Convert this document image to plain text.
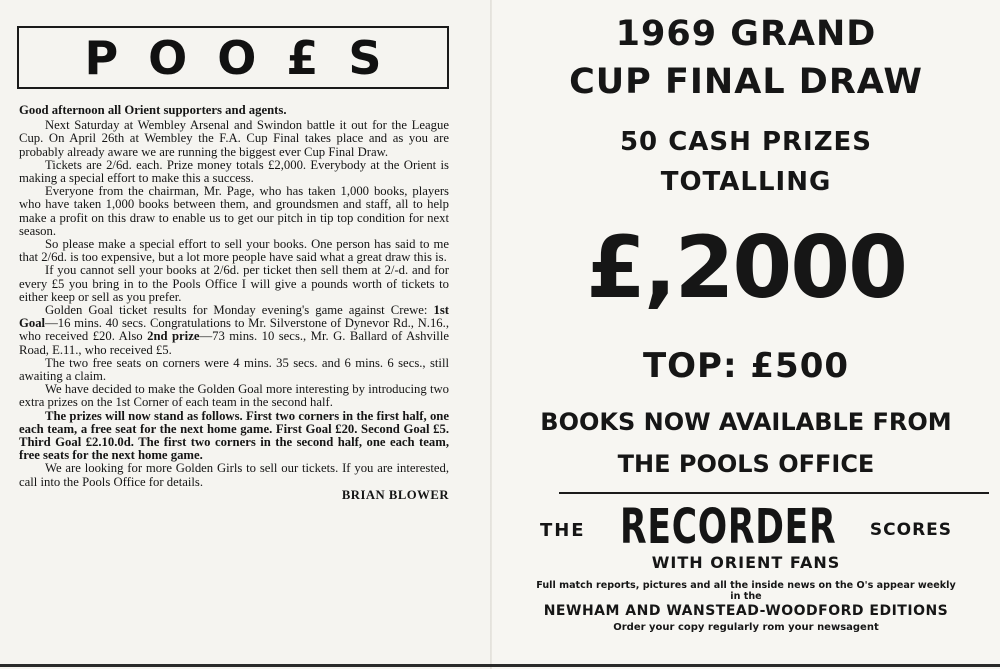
POO£S

Good afternoon all Orient supporters and agents.

Next Saturday at Wembley Arsenal and Swindon battle it out for the League Cup. On April 26th at Wembley the F.A. Cup Final takes place and as you are probably already aware we are running the biggest ever Cup Final Draw.

Tickets are 2/6d. each. Prize money totals £2,000. Everybody at the Orient is making a special effort to make this a success.

Everyone from the chairman, Mr. Page, who has taken 1,000 books, players who have taken 1,000 books between them, and groundsmen and staff, all to help make a profit on this draw to enable us to get our pitch in tip top condition for next season.

So please make a special effort to sell your books. One person has said to me that 2/6d. is too expensive, but a lot more people have said what a great draw this is.

If you cannot sell your books at 2/6d. per ticket then sell them at 2/-d. and for every £5 you bring in to the Pools Office I will give a pounds worth of tickets to either keep or sell as you prefer.

Golden Goal ticket results for Monday evening's game against Crewe: 1st Goal—16 mins. 40 secs. Congratulations to Mr. Silverstone of Dynevor Rd., N.16., who received £20. Also 2nd prize—73 mins. 10 secs., Mr. G. Ballard of Ashville Road, E.11., who received £5.

The two free seats on corners were 4 mins. 35 secs. and 6 mins. 6 secs., still awaiting a claim.

We have decided to make the Golden Goal more interesting by introducing two extra prizes on the 1st Corner of each team in the second half.

The prizes will now stand as follows. First two corners in the first half, one each team, a free seat for the next home game. First Goal £20. Second Goal £5. Third Goal £2.10.0d. The first two corners in the second half, one each team, free seats for the next home game.

We are looking for more Golden Girls to sell our tickets. If you are interested, call into the Pools Office for details.

BRIAN BLOWER
1969 GRAND
CUP FINAL DRAW
50 CASH PRIZES
TOTALLING
£,2000
TOP: £500
BOOKS NOW AVAILABLE FROM
THE POOLS OFFICE
THE RECORDER SCORES
WITH ORIENT FANS
Full match reports, pictures and all the inside news on the O's appear weekly
in the
NEWHAM AND WANSTEAD-WOODFORD EDITIONS
Order your copy regularly rom your newsagent
